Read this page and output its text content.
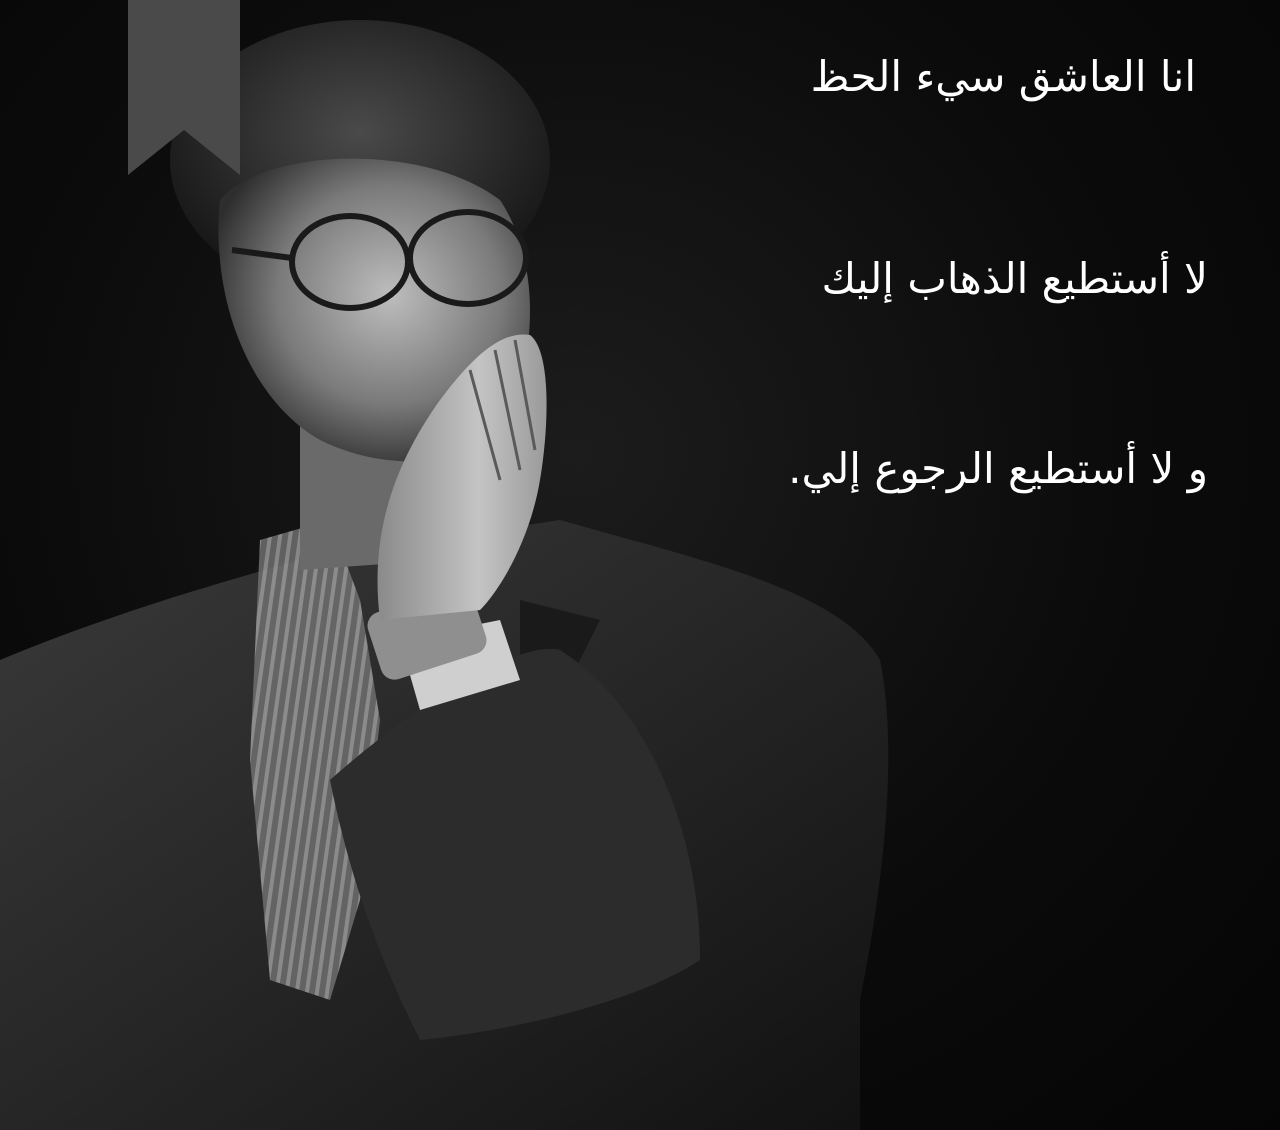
انا العاشق سيء الحظ
لا أستطيع الذهاب إليك
و لا أستطيع الرجوع إلي.
